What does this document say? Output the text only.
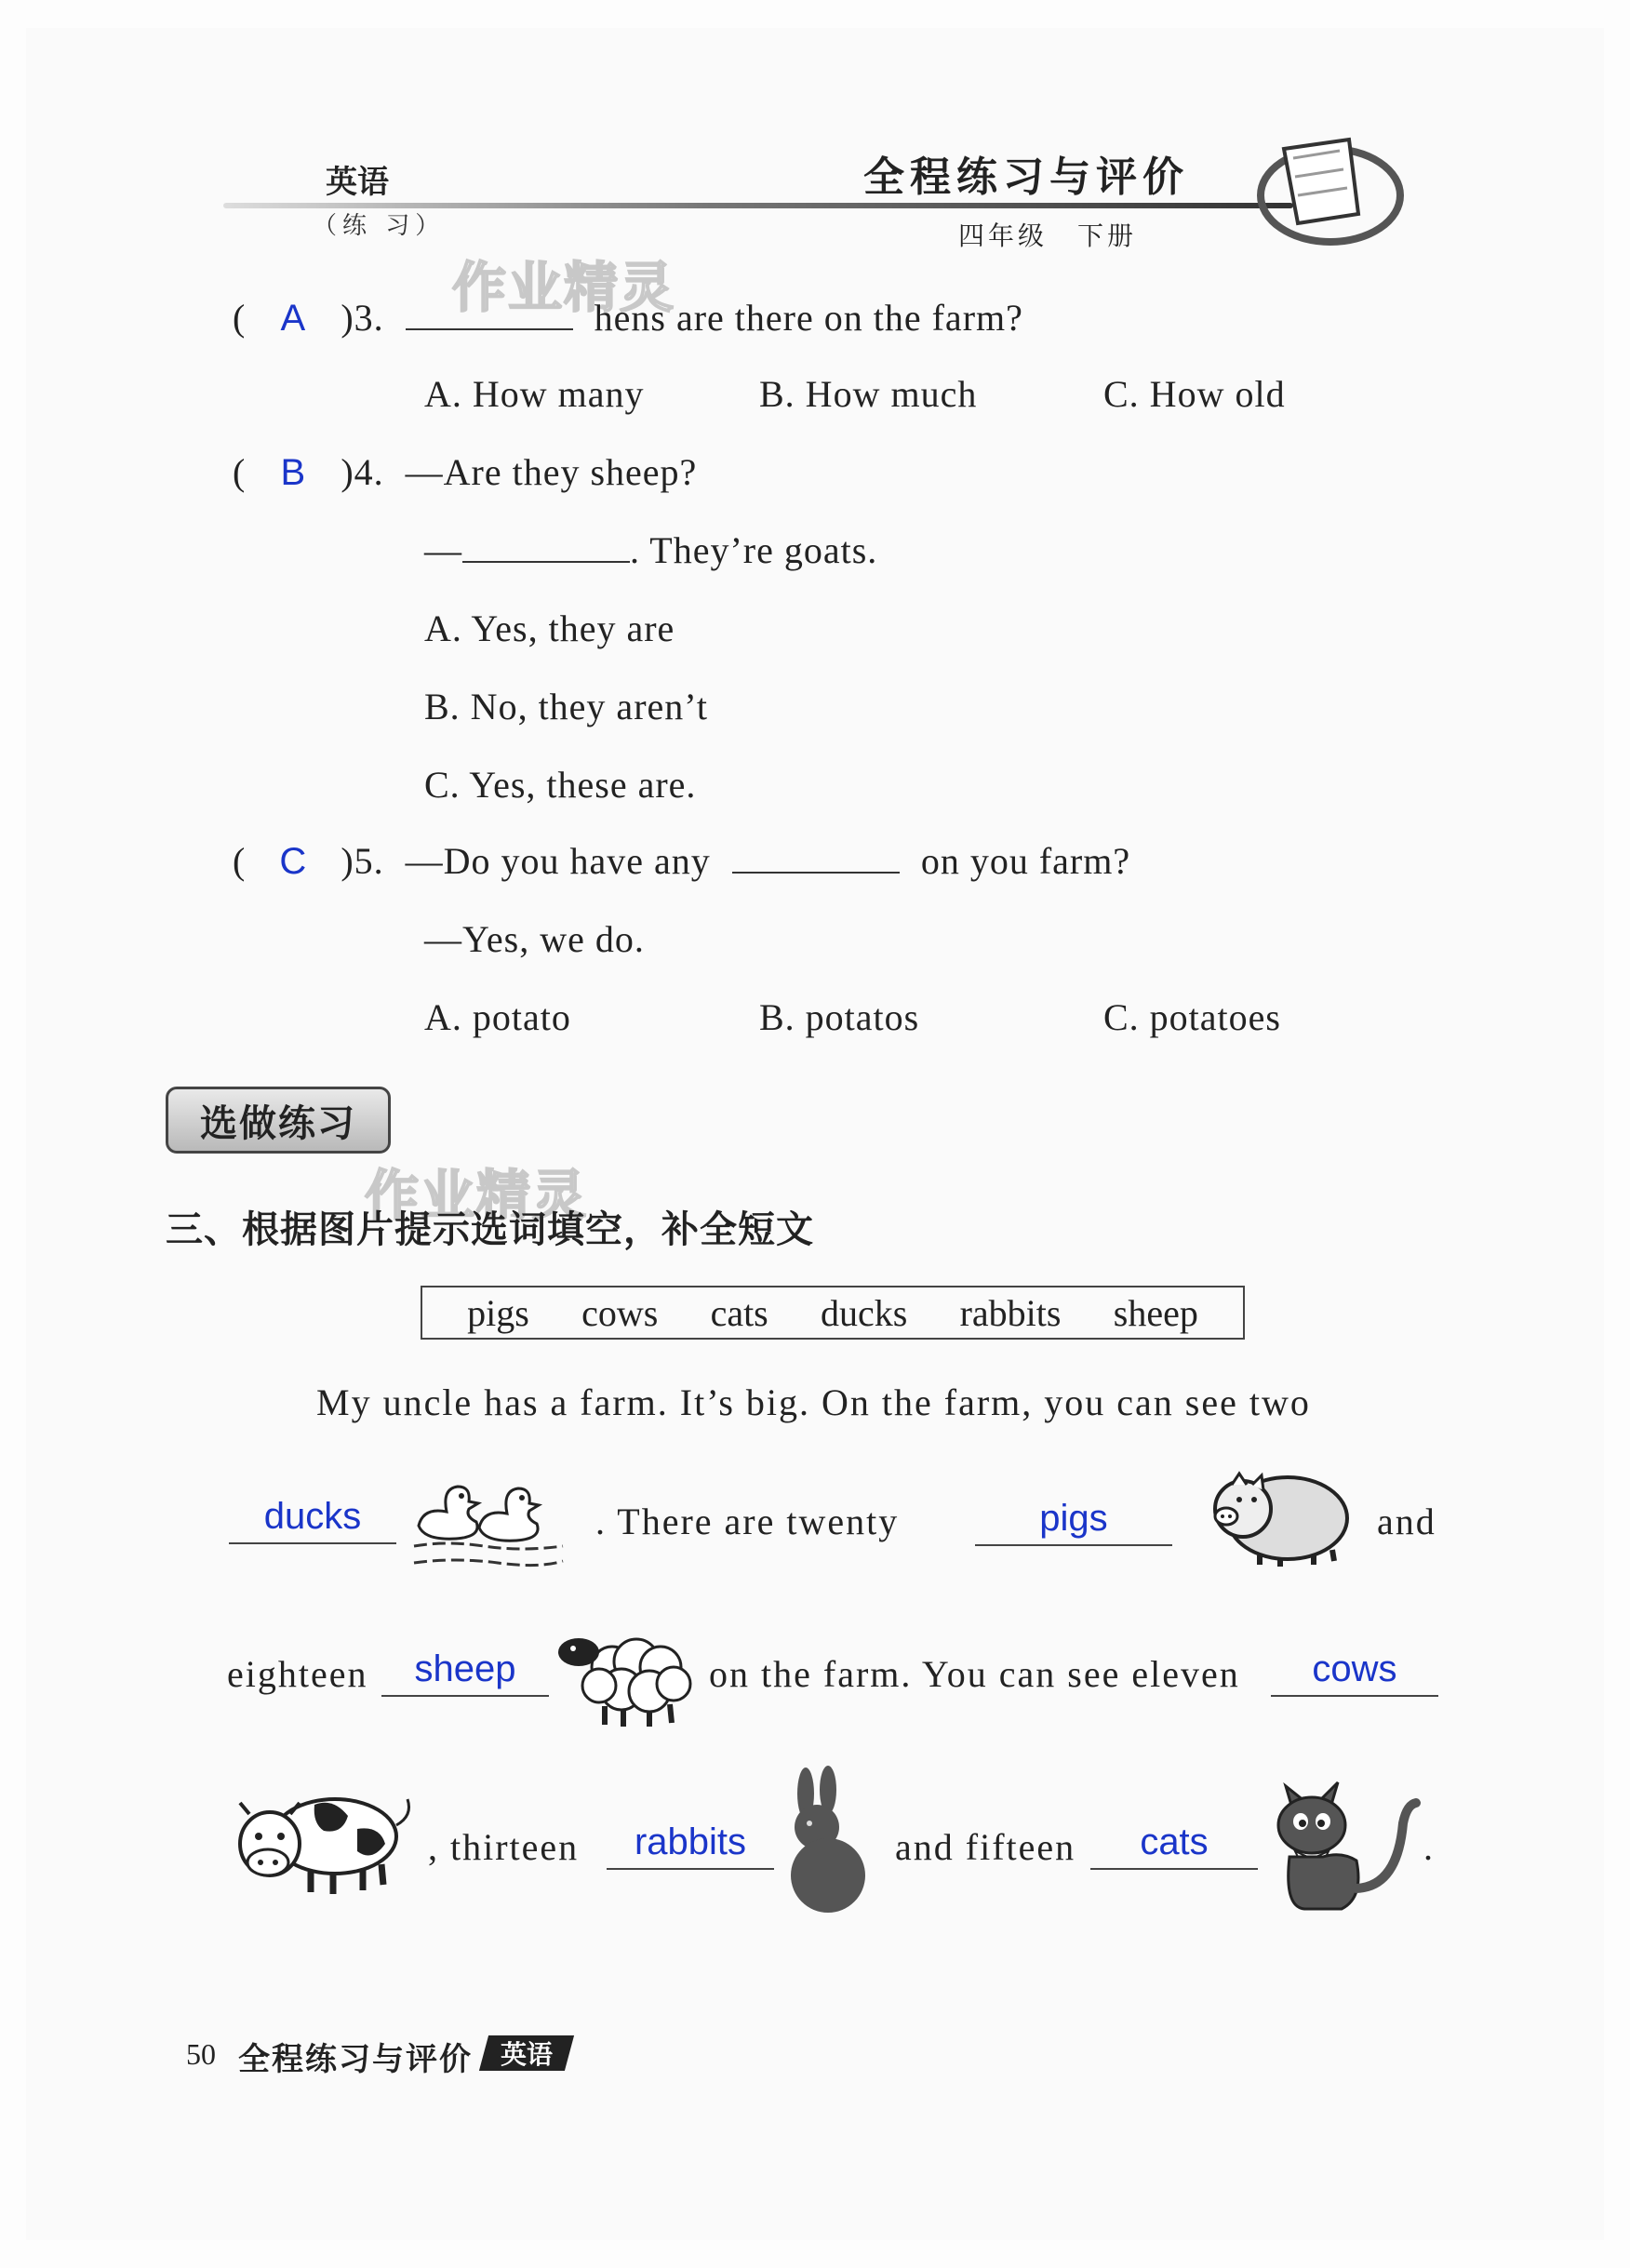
英语
（练 习）
全程练习与评价
四年级　下册
作业精灵
作业精灵
( A )3.	hens are there on the farm?
A. How many	B. How much	C. How old
( B )4. —Are they sheep?
—	. They’re goats.
A. Yes, they are
B. No, they aren’t
C. Yes, these are.
( C )5. —Do you have any	on you farm?
—Yes, we do.
A. potato	B. potatos	C. potatoes
选做练习
三、根据图片提示选词填空，补全短文
pigs cows cats ducks rabbits sheep
My uncle has a farm. It’s big. On the farm, you can see two
ducks	. There are twenty	pigs	and
eighteen	sheep	on the farm. You can see eleven	cows
, thirteen	rabbits	and fifteen	cats	.
50 全程练习与评价 英语
